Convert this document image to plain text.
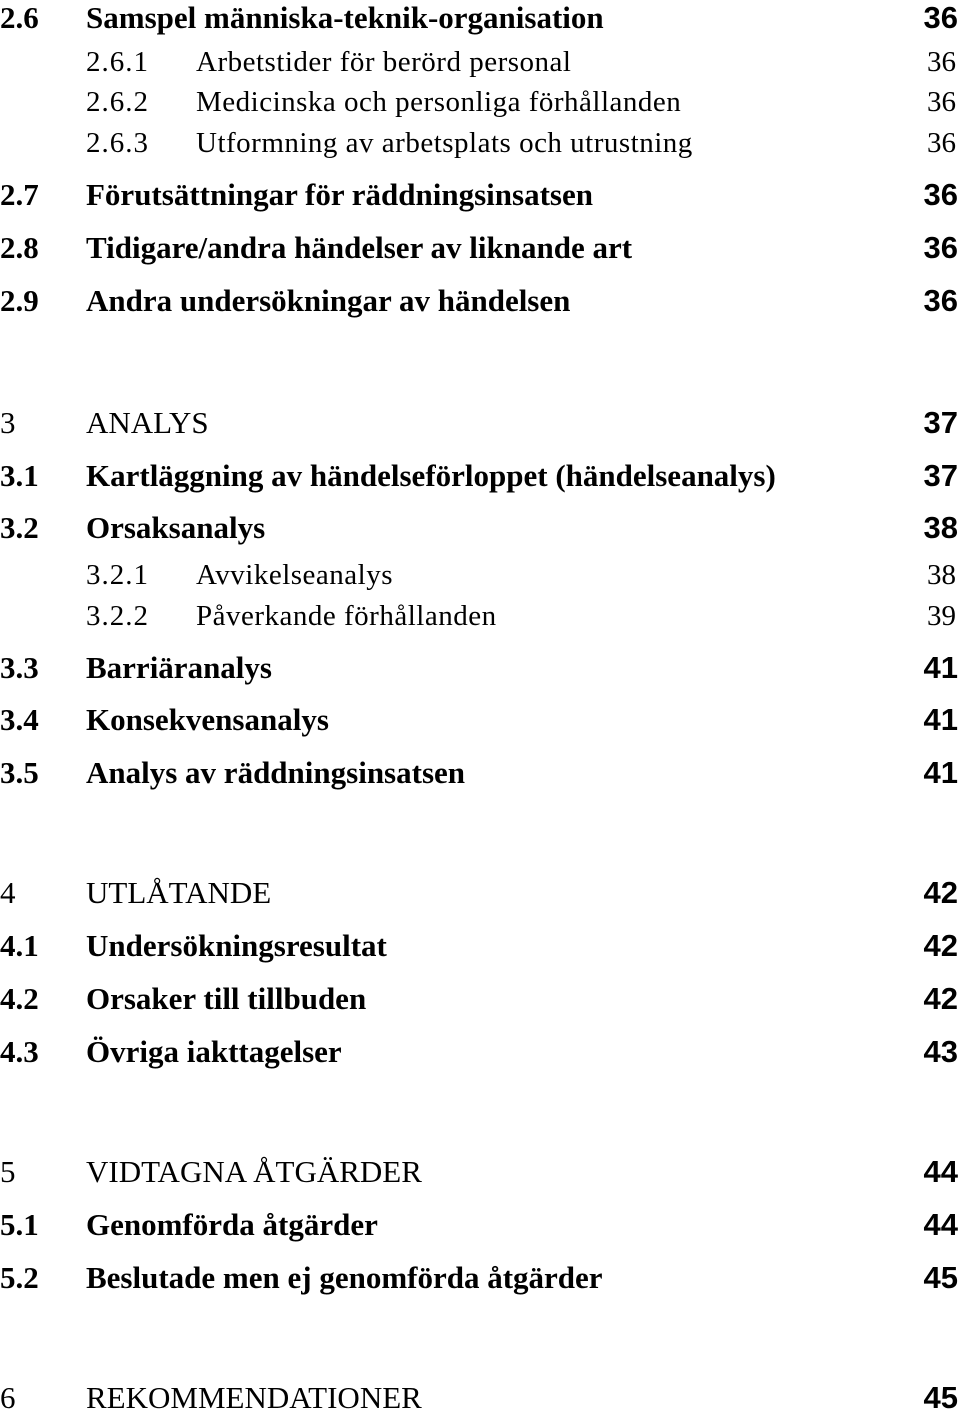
2.6 Samspel människa-teknik-organisation	36
2.6.1 Arbetstider för berörd personal	36
2.6.2 Medicinska och personliga förhållanden	36
2.6.3 Utformning av arbetsplats och utrustning	36
2.7 Förutsättningar för räddningsinsatsen	36
2.8 Tidigare/andra händelser av liknande art	36
2.9 Andra undersökningar av händelsen	36
3 ANALYS	37
3.1 Kartläggning av händelseförloppet (händelseanalys)	37
3.2 Orsaksanalys	38
3.2.1 Avvikelseanalys	38
3.2.2 Påverkande förhållanden	39
3.3 Barriäranalys	41
3.4 Konsekvensanalys	41
3.5 Analys av räddningsinsatsen	41
4 UTLÅTANDE	42
4.1 Undersökningsresultat	42
4.2 Orsaker till tillbuden	42
4.3 Övriga iakttagelser	43
5 VIDTAGNA ÅTGÄRDER	44
5.1 Genomförda åtgärder	44
5.2 Beslutade men ej genomförda åtgärder	45
6 REKOMMENDATIONER	45
